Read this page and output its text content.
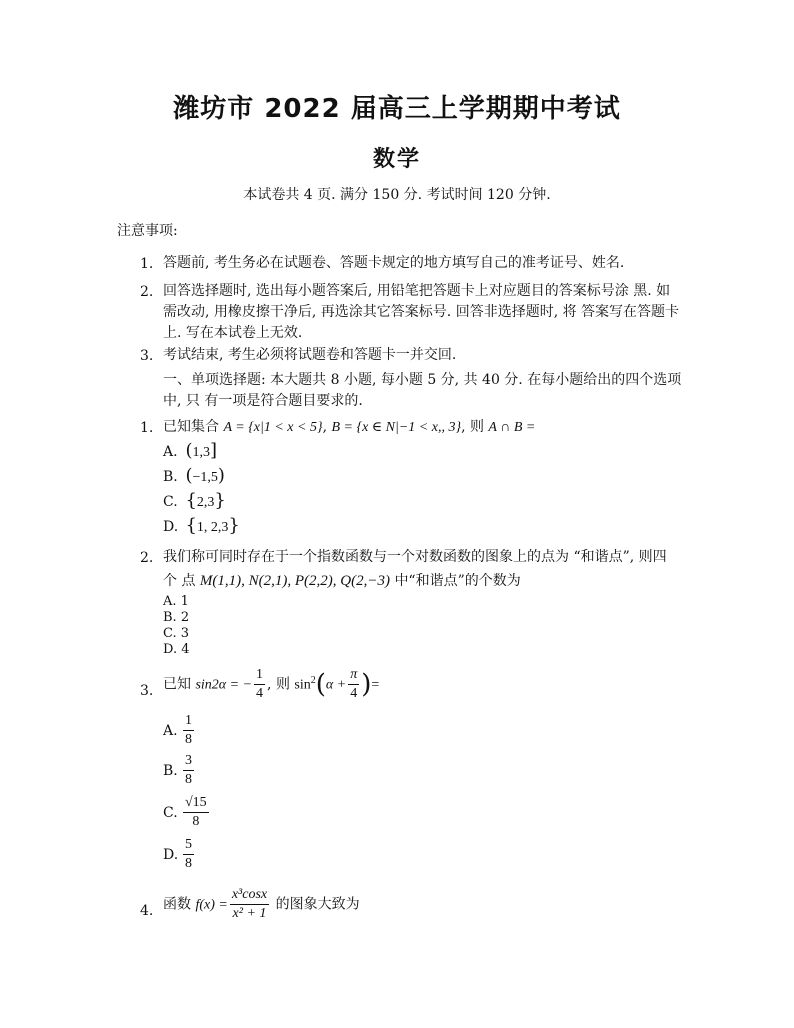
潍坊市 2022 届高三上学期期中考试
数学
本试卷共 4 页. 满分 150 分. 考试时间 120 分钟.
注意事项:
1. 答题前, 考生务必在试题卷、答题卡规定的地方填写自己的准考证号、姓名.
2. 回答选择题时, 选出每小题答案后, 用铅笔把答题卡上对应题目的答案标号涂 黑. 如需改动, 用橡皮擦干净后, 再选涂其它答案标号. 回答非选择题时, 将 答案写在答题卡上. 写在本试卷上无效.
3. 考试结束, 考生必须将试题卷和答题卡一并交回.
一、单项选择题: 本大题共 8 小题, 每小题 5 分, 共 40 分. 在每小题给出的四个选项中, 只 有一项是符合题目要求的.
1. 已知集合 A = {x|1 < x < 5}, B = {x ∈ N|−1 < x,, 3}, 则 A ∩ B =
A. (1,3]
B. (−1,5)
C. {2,3}
D. {1, 2,3}
2. 我们称可同时存在于一个指数函数与一个对数函数的图象上的点为 “和谐点”, 则四
个 点 M(1,1), N(2,1), P(2,2), Q(2,−3) 中“和谐点”的个数为
A. 1
B. 2
C. 3
D. 4
3. 已知 sin2α = − $\frac{1}{4}$ , 则 $\sin^2(\alpha + \frac{\pi}{4}$ )=
A. $\frac{1}{8}$
B. $\frac{3}{8}$
C. $\frac{√15}{8}$
D. $\frac{5}{8}$
4. 函数 $f(x) = \frac{\text{x³cosx}}{\text{x² + 1}}$ 的图象大致为
